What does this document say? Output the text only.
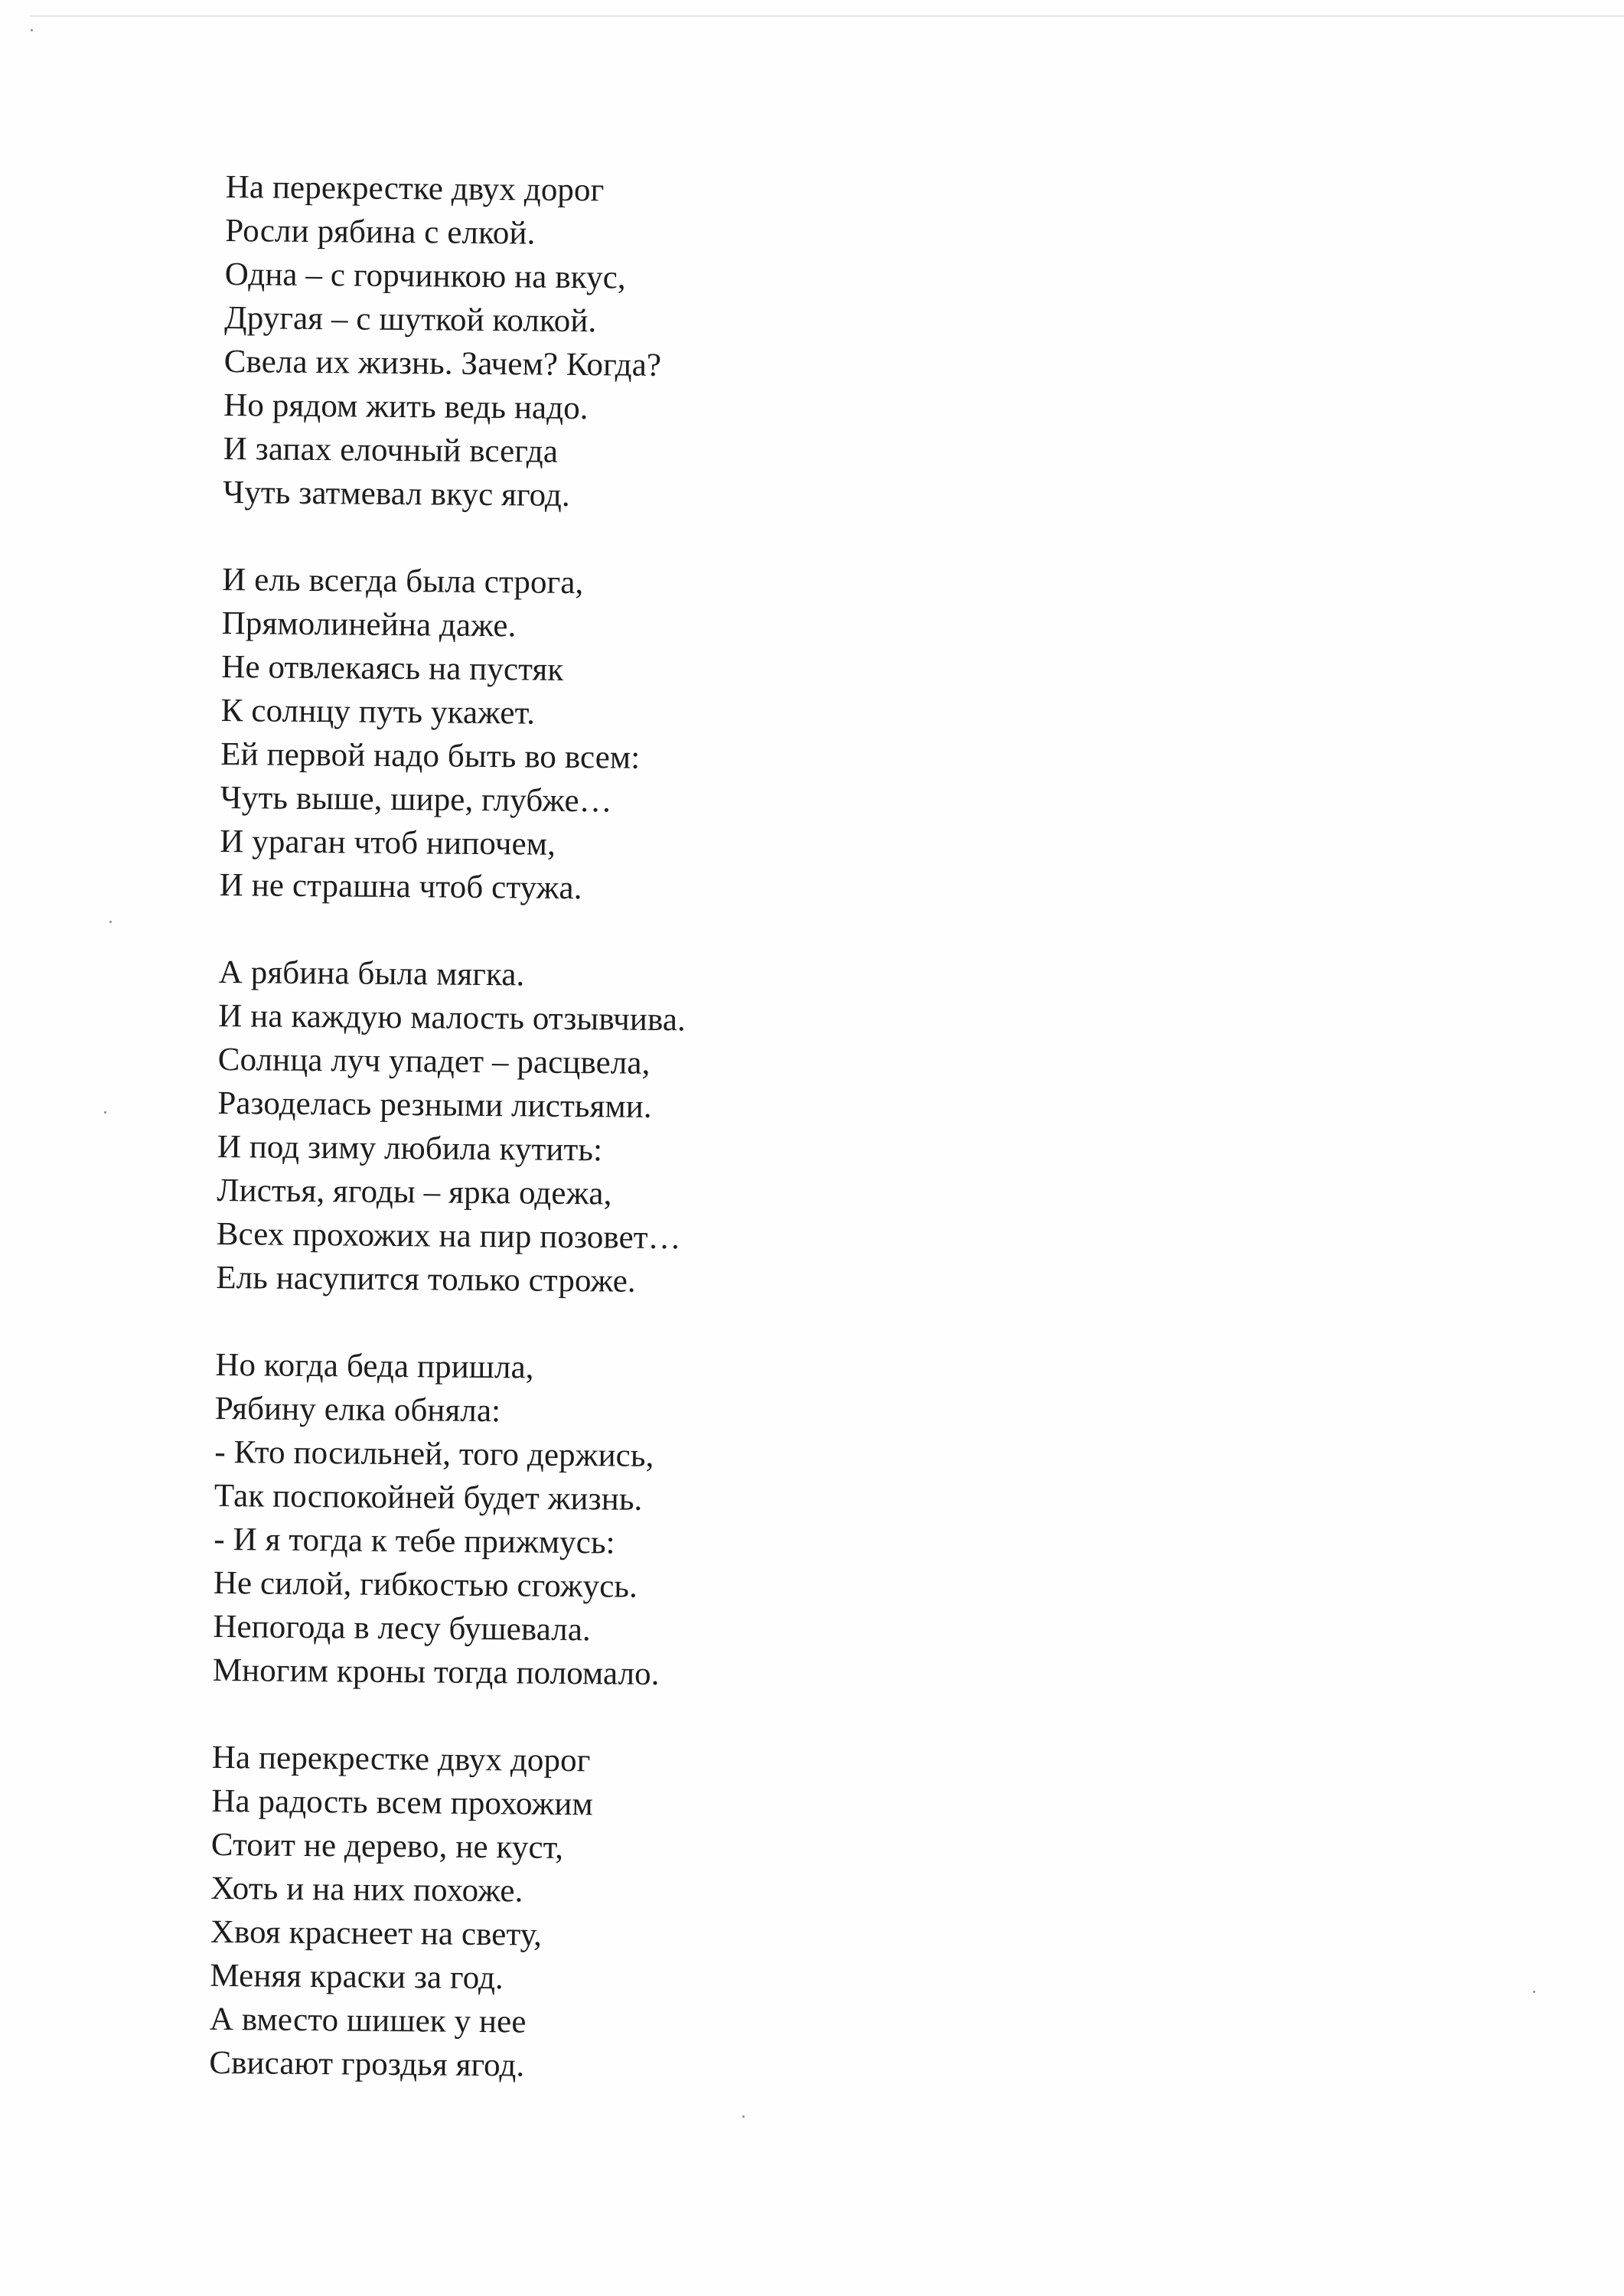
На перекрестке двух дорог
Росли рябина с елкой.
Одна – с горчинкою на вкус,
Другая – с шуткой колкой.
Свела их жизнь. Зачем? Когда?
Но рядом жить ведь надо.
И запах елочный всегда
Чуть затмевал вкус ягод.
И ель всегда была строга,
Прямолинейна даже.
Не отвлекаясь на пустяк
К солнцу путь укажет.
Ей первой надо быть во всем:
Чуть выше, шире, глубже…
И ураган чтоб нипочем,
И не страшна чтоб стужа.
А рябина была мягка.
И на каждую малость отзывчива.
Солнца луч упадет – расцвела,
Разоделась резными листьями.
И под зиму любила кутить:
Листья, ягоды – ярка одежа,
Всех прохожих на пир позовет…
Ель насупится только строже.
Но когда беда пришла,
Рябину елка обняла:
- Кто посильней, того держись,
Так поспокойней будет жизнь.
- И я тогда к тебе прижмусь:
Не силой, гибкостью сгожусь.
Непогода в лесу бушевала.
Многим кроны тогда поломало.
На перекрестке двух дорог
На радость всем прохожим
Стоит не дерево, не куст,
Хоть и на них похоже.
Хвоя краснеет на свету,
Меняя краски за год.
А вместо шишек у нее
Свисают гроздья ягод.
